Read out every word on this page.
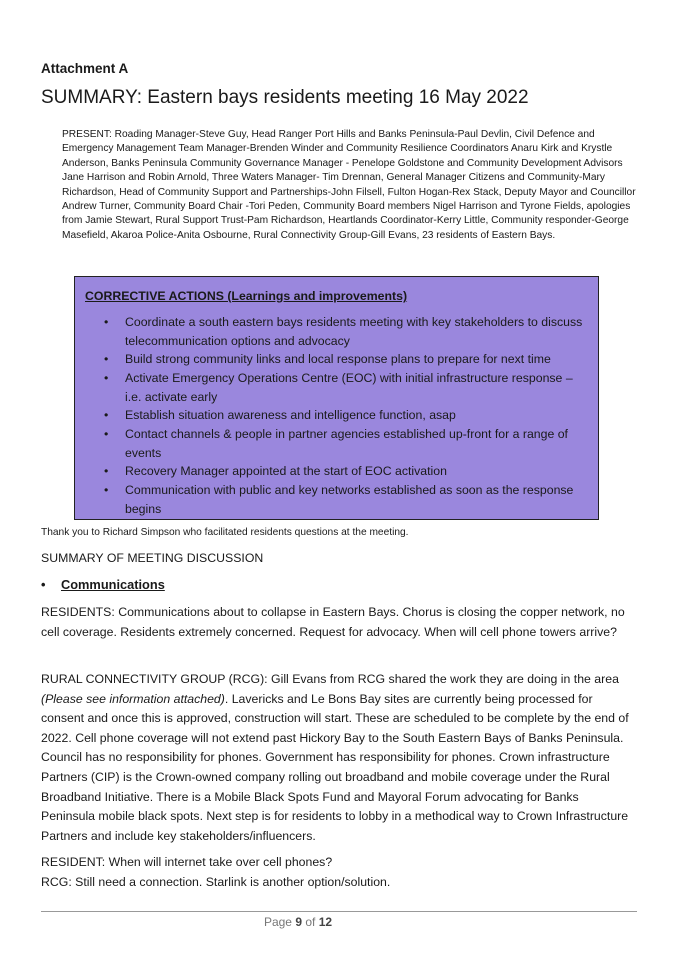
Attachment A

SUMMARY: Eastern bays residents meeting 16 May 2022

PRESENT: Roading Manager-Steve Guy, Head Ranger Port Hills and Banks Peninsula-Paul Devlin, Civil Defence and Emergency Management Team Manager-Brenden Winder and Community Resilience Coordinators Anaru Kirk and Krystle Anderson, Banks Peninsula Community Governance Manager - Penelope Goldstone and Community Development Advisors Jane Harrison and Robin Arnold, Three Waters Manager- Tim Drennan, General Manager Citizens and Community-Mary Richardson, Head of Community Support and Partnerships-John Filsell, Fulton Hogan-Rex Stack, Deputy Mayor and Councillor Andrew Turner, Community Board Chair -Tori Peden, Community Board members Nigel Harrison and Tyrone Fields, apologies from Jamie Stewart, Rural Support Trust-Pam Richardson, Heartlands Coordinator-Kerry Little, Community responder-George Masefield, Akaroa Police-Anita Osbourne, Rural Connectivity Group-Gill Evans, 23 residents of Eastern Bays.

CORRECTIVE ACTIONS (Learnings and improvements)

• Coordinate a south eastern bays residents meeting with key stakeholders to discuss telecommunication options and advocacy
• Build strong community links and local response plans to prepare for next time
• Activate Emergency Operations Centre (EOC) with initial infrastructure response – i.e. activate early
• Establish situation awareness and intelligence function, asap
• Contact channels & people in partner agencies established up-front for a range of events
• Recovery Manager appointed at the start of EOC activation
• Communication with public and key networks established as soon as the response begins

Thank you to Richard Simpson who facilitated residents questions at the meeting.

SUMMARY OF MEETING DISCUSSION

• Communications

RESIDENTS: Communications about to collapse in Eastern Bays. Chorus is closing the copper network, no cell coverage. Residents extremely concerned. Request for advocacy. When will cell phone towers arrive?

RURAL CONNECTIVITY GROUP (RCG): Gill Evans from RCG shared the work they are doing in the area (Please see information attached). Lavericks and Le Bons Bay sites are currently being processed for consent and once this is approved, construction will start. These are scheduled to be complete by the end of 2022. Cell phone coverage will not extend past Hickory Bay to the South Eastern Bays of Banks Peninsula. Council has no responsibility for phones. Government has responsibility for phones. Crown infrastructure Partners (CIP) is the Crown-owned company rolling out broadband and mobile coverage under the Rural Broadband Initiative. There is a Mobile Black Spots Fund and Mayoral Forum advocating for Banks Peninsula mobile black spots. Next step is for residents to lobby in a methodical way to Crown Infrastructure Partners and include key stakeholders/influencers.

RESIDENT: When will internet take over cell phones?
RCG: Still need a connection. Starlink is another option/solution.

Page 9 of 12
